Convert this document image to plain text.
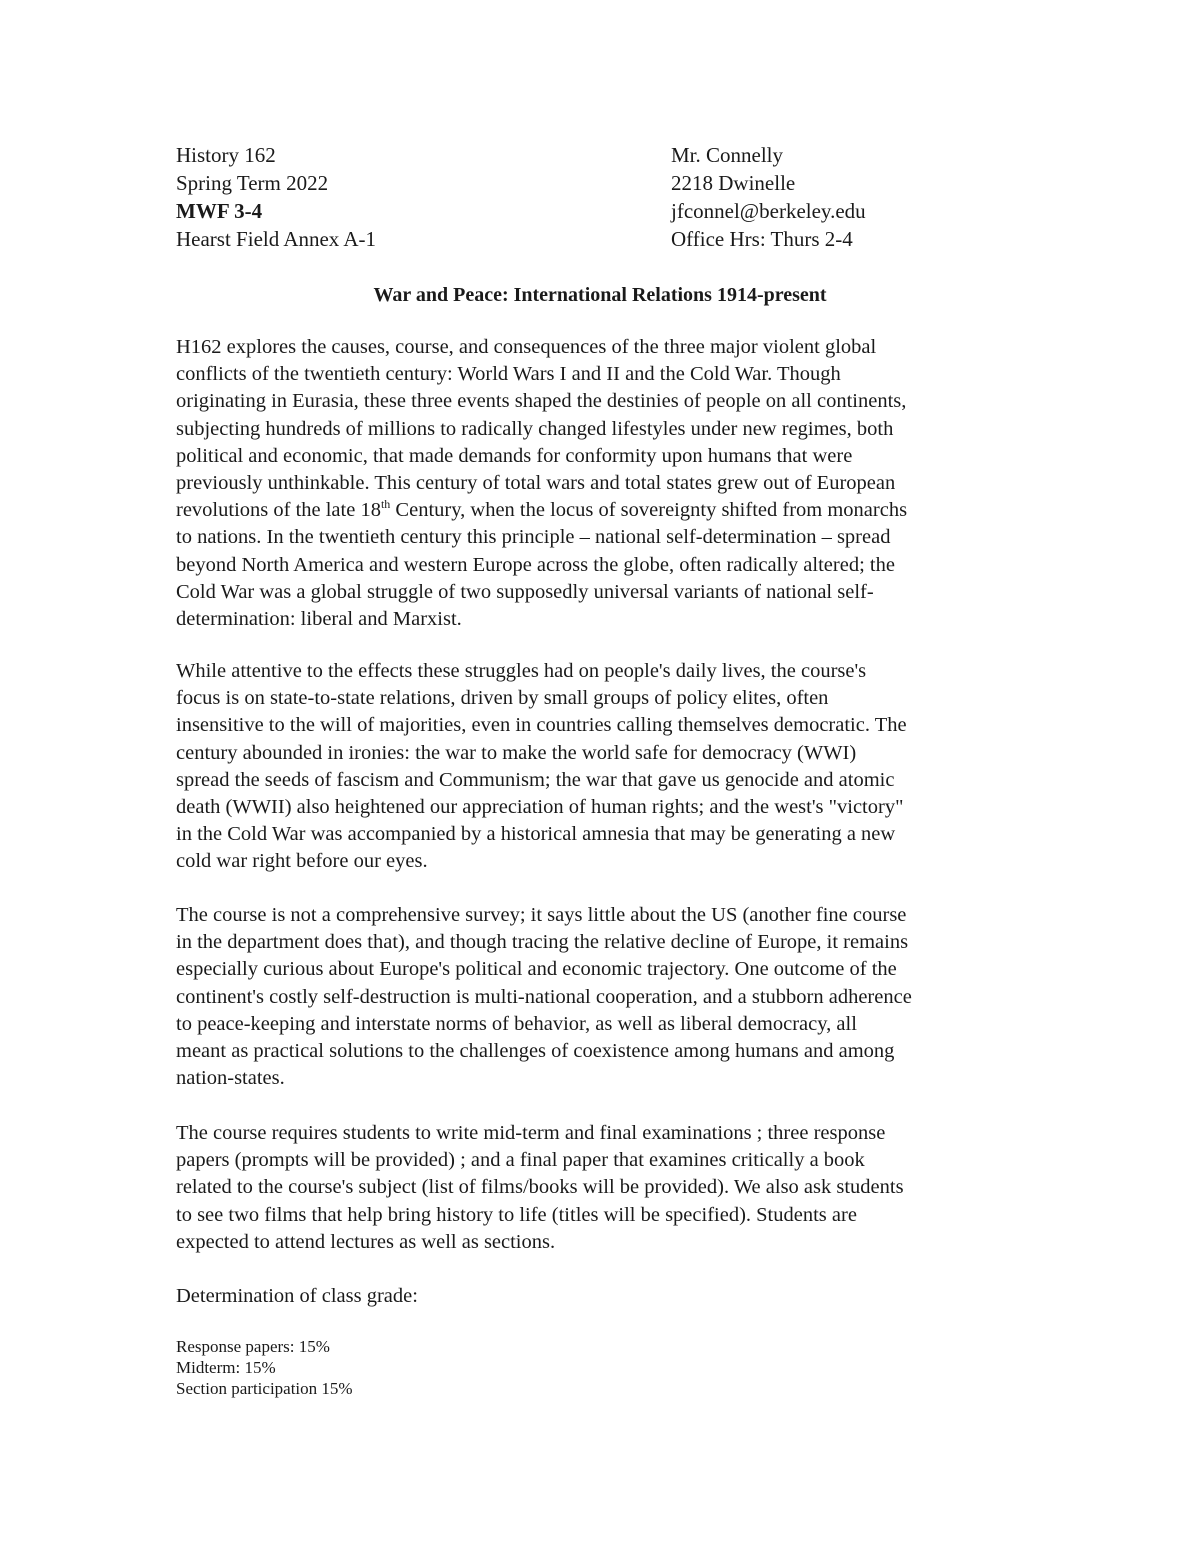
History 162	Mr. Connelly
Spring Term 2022	2218 Dwinelle
MWF 3-4	jfconnel@berkeley.edu
Hearst Field Annex A-1	Office Hrs: Thurs 2-4
War and Peace: International Relations 1914-present

H162 explores the causes, course, and consequences of the three major violent global
conflicts of the twentieth century: World Wars I and II and the Cold War. Though
originating in Eurasia, these three events shaped the destinies of people on all continents,
subjecting hundreds of millions to radically changed lifestyles under new regimes, both
political and economic, that made demands for conformity upon humans that were
previously unthinkable. This century of total wars and total states grew out of European
revolutions of the late 18th Century, when the locus of sovereignty shifted from monarchs
to nations. In the twentieth century this principle – national self-determination – spread
beyond North America and western Europe across the globe, often radically altered; the
Cold War was a global struggle of two supposedly universal variants of national self-
determination: liberal and Marxist.

While attentive to the effects these struggles had on people's daily lives, the course's
focus is on state-to-state relations, driven by small groups of policy elites, often
insensitive to the will of majorities, even in countries calling themselves democratic. The
century abounded in ironies: the war to make the world safe for democracy (WWI)
spread the seeds of fascism and Communism; the war that gave us genocide and atomic
death (WWII) also heightened our appreciation of human rights; and the west's "victory"
in the Cold War was accompanied by a historical amnesia that may be generating a new
cold war right before our eyes.

The course is not a comprehensive survey; it says little about the US (another fine course
in the department does that), and though tracing the relative decline of Europe, it remains
especially curious about Europe's political and economic trajectory. One outcome of the
continent's costly self-destruction is multi-national cooperation, and a stubborn adherence
to peace-keeping and interstate norms of behavior, as well as liberal democracy, all
meant as practical solutions to the challenges of coexistence among humans and among
nation-states.

The course requires students to write mid-term and final examinations ; three response
papers (prompts will be provided) ; and a final paper that examines critically a book
related to the course's subject (list of films/books will be provided). We also ask students
to see two films that help bring history to life (titles will be specified). Students are
expected to attend lectures as well as sections.

Determination of class grade:
Response papers: 15%
Midterm: 15%
Section participation 15%
